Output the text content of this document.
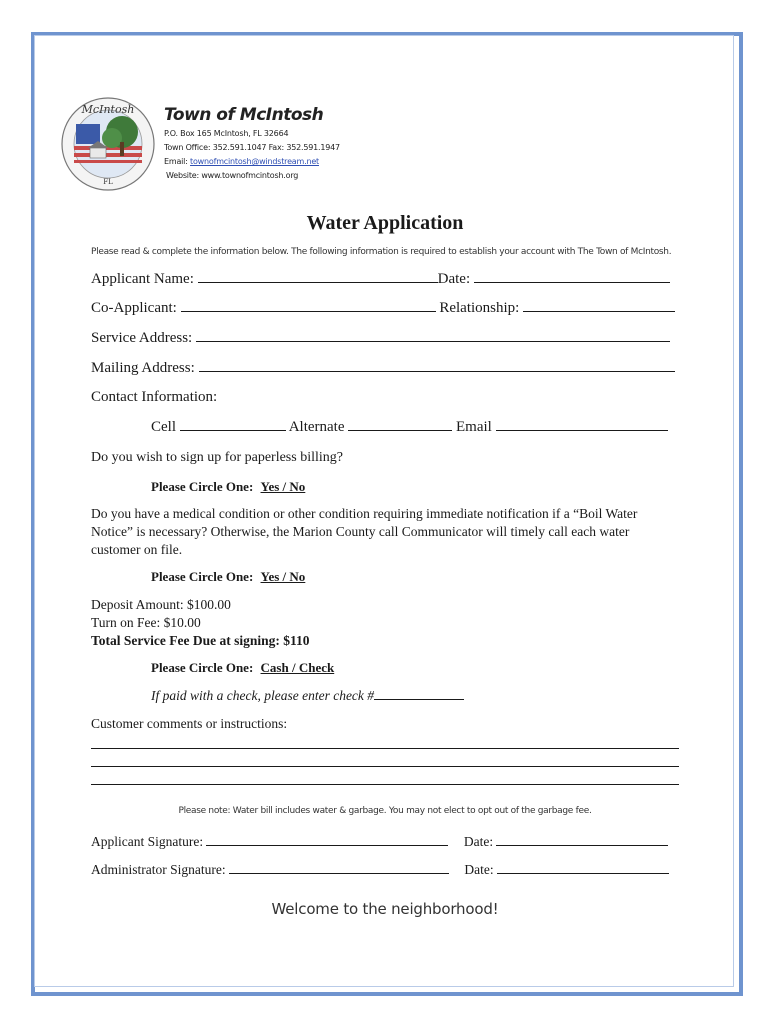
McIntosh
FL
Town of McIntosh
P.O. Box 165 McIntosh, FL 32664
Town Office: 352.591.1047 Fax: 352.591.1947
Email: townofmcintosh@windstream.net
Website: www.townofmcintosh.org
Water Application
Please read & complete the information below. The following information is required to establish your account with The Town of McIntosh.
Applicant Name:	Date:
Co-Applicant:	Relationship:
Service Address:
Mailing Address:
Contact Information:
Cell	Alternate	Email
Do you wish to sign up for paperless billing?
Please Circle One: Yes / No
Do you have a medical condition or other condition requiring immediate notification if a “Boil Water Notice” is necessary? Otherwise, the Marion County call Communicator will timely call each water customer on file.
Please Circle One: Yes / No
Deposit Amount: $100.00
Turn on Fee: $10.00
Total Service Fee Due at signing: $110
Please Circle One: Cash / Check
If paid with a check, please enter check #
Customer comments or instructions:
Please note: Water bill includes water & garbage. You may not elect to opt out of the garbage fee.
Applicant Signature:	Date:
Administrator Signature:	Date:
Welcome to the neighborhood!
